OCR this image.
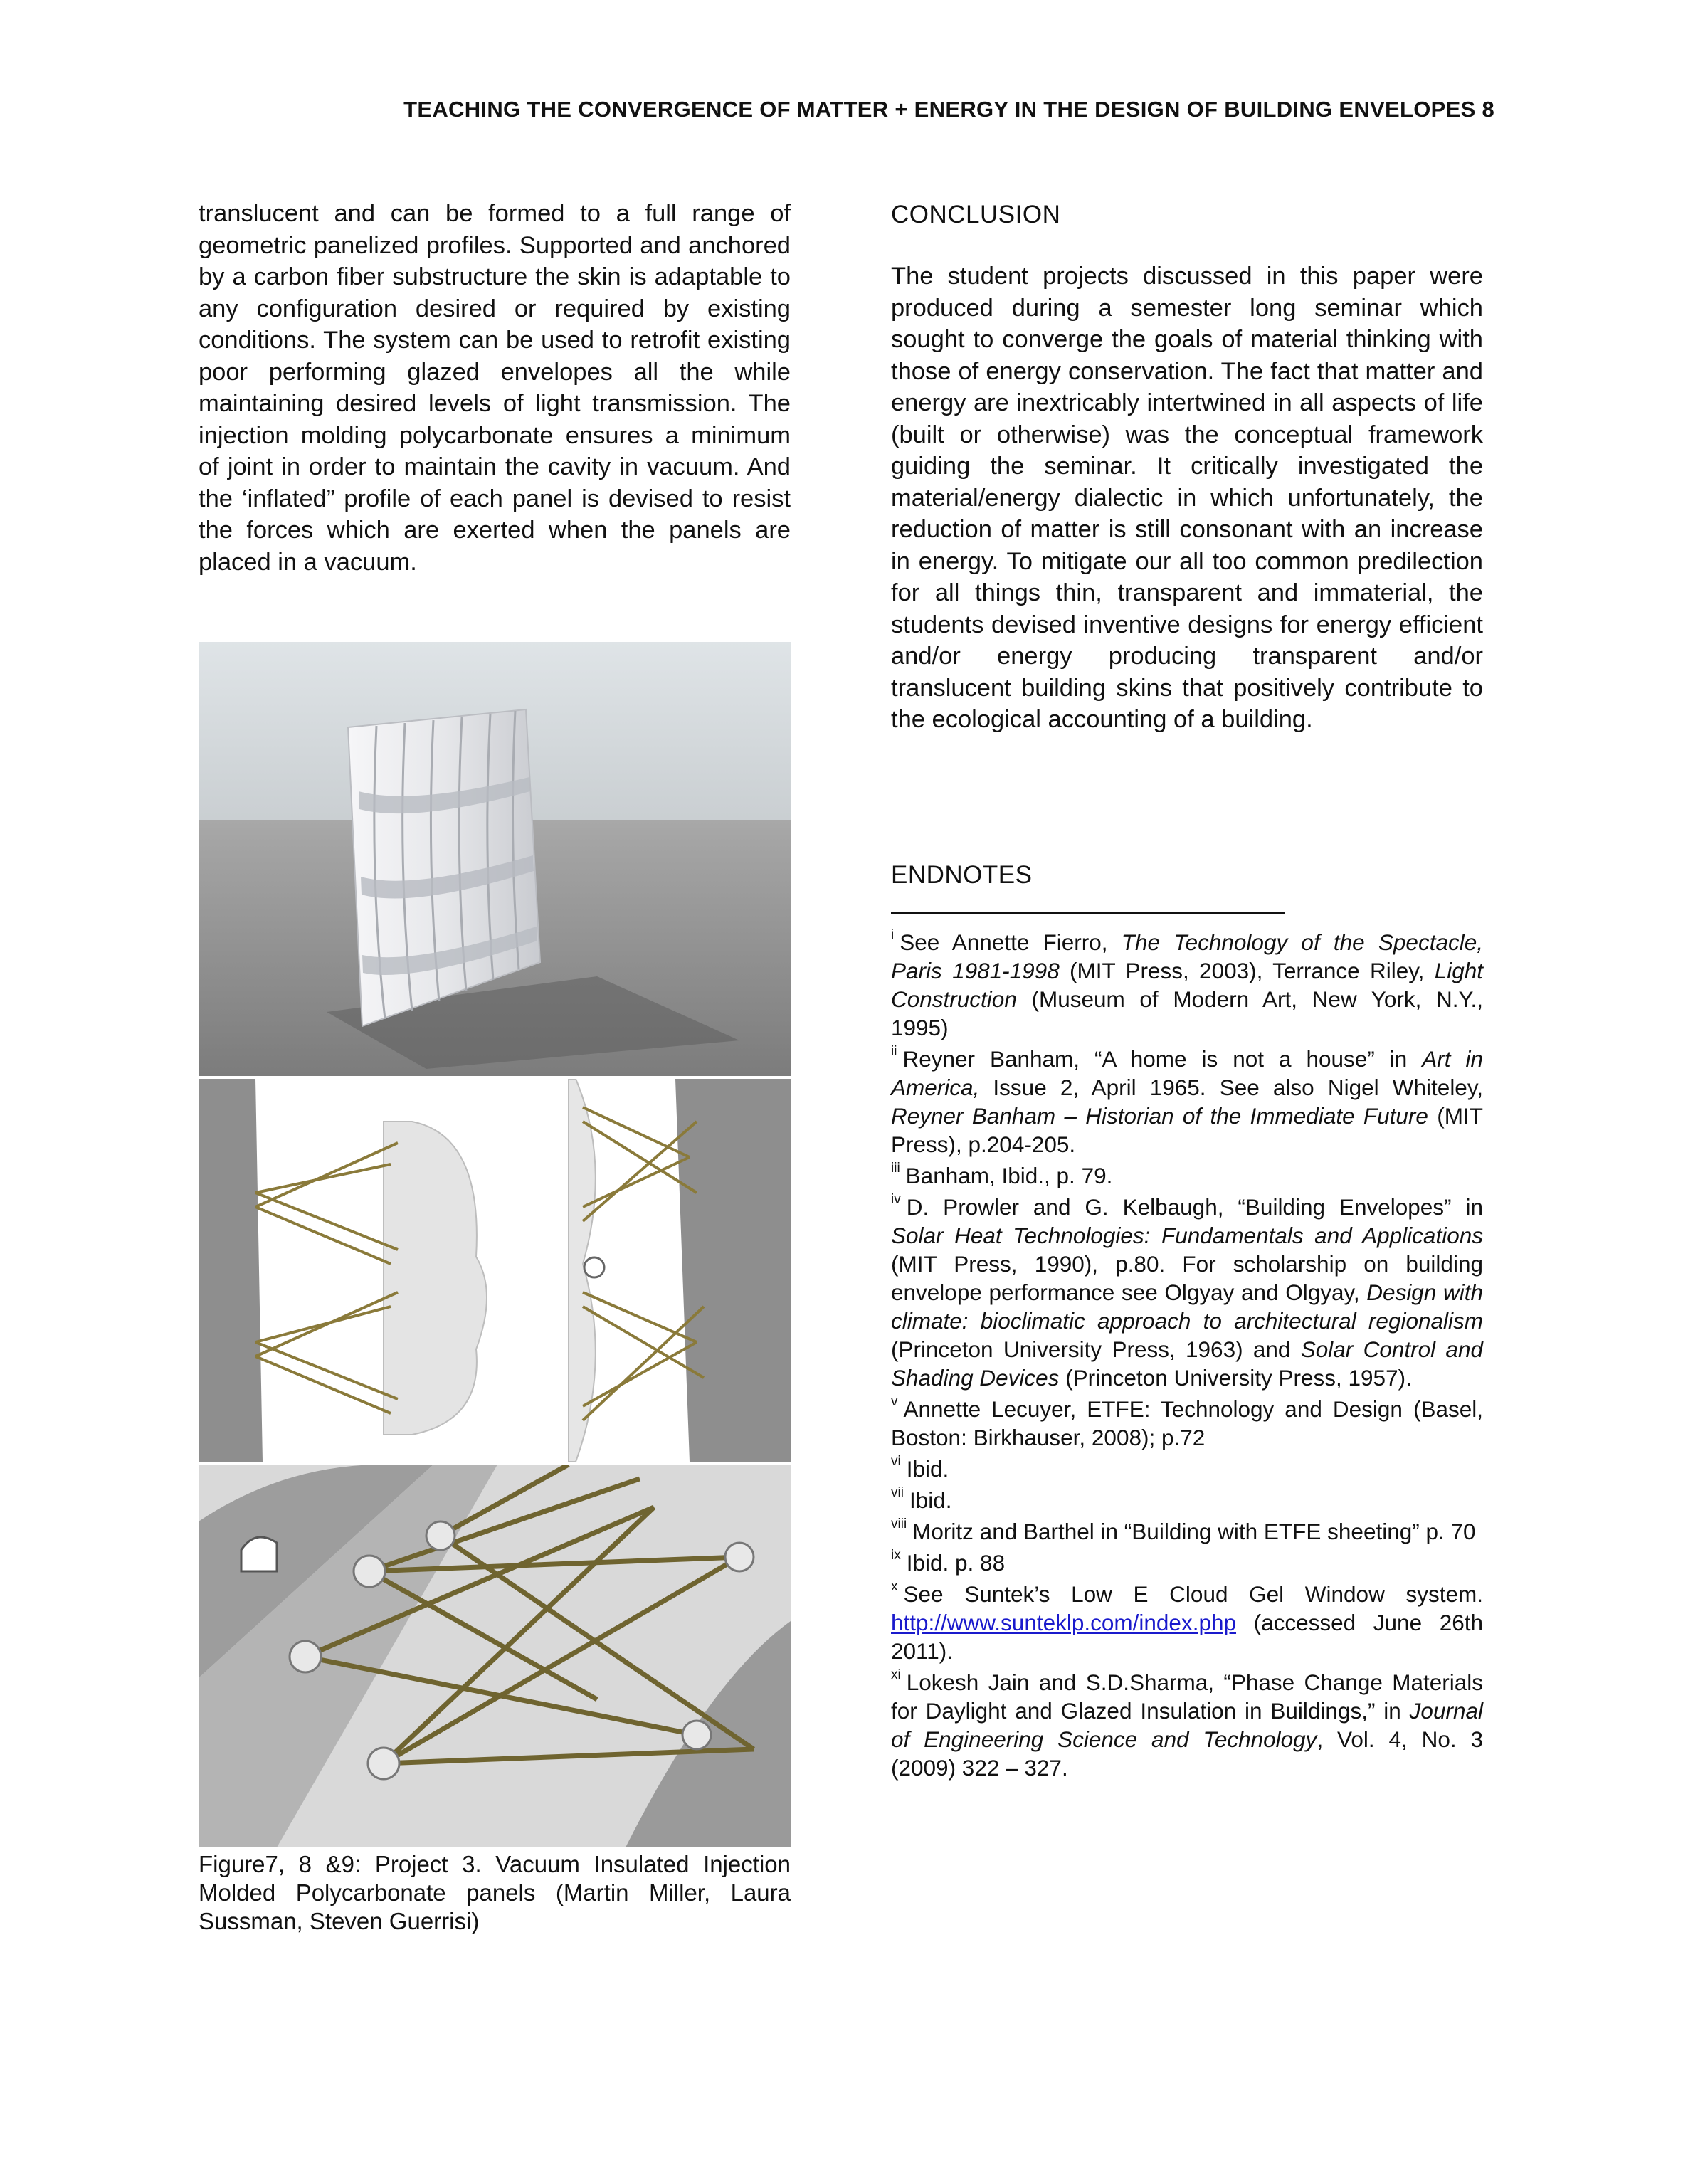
TEACHING THE CONVERGENCE OF MATTER + ENERGY IN THE DESIGN OF BUILDING ENVELOPES 8

translucent and can be formed to a full range of geometric panelized profiles. Supported and anchored by a carbon fiber substructure the skin is adaptable to any configuration desired or required by existing conditions. The system can be used to retrofit existing poor performing glazed envelopes all the while maintaining desired levels of light transmission. The injection molding polycarbonate ensures a minimum of joint in order to maintain the cavity in vacuum. And the ‘inflated” profile of each panel is devised to resist the forces which are exerted when the panels are placed in a vacuum.

Figure7, 8 &9: Project 3. Vacuum Insulated Injection Molded Polycarbonate panels (Martin Miller, Laura Sussman, Steven Guerrisi)

CONCLUSION

The student projects discussed in this paper were produced during a semester long seminar which sought to converge the goals of material thinking with those of energy conservation. The fact that matter and energy are inextricably intertwined in all aspects of life (built or otherwise) was the conceptual framework guiding the seminar. It critically investigated the material/energy dialectic in which unfortunately, the reduction of matter is still consonant with an increase in energy. To mitigate our all too common predilection for all things thin, transparent and immaterial, the students devised inventive designs for energy efficient and/or energy producing transparent and/or translucent building skins that positively contribute to the ecological accounting of a building.

ENDNOTES

$^i$ See Annette Fierro, The Technology of the Spectacle, Paris 1981-1998 (MIT Press, 2003), Terrance Riley, Light Construction (Museum of Modern Art, New York, N.Y., 1995)

$^{ii}$ Reyner Banham, “A home is not a house” in Art in America, Issue 2, April 1965. See also Nigel Whiteley, Reyner Banham – Historian of the Immediate Future (MIT Press), p.204-205.

$^{iii}$ Banham, Ibid., p. 79.

$^{iv}$ D. Prowler and G. Kelbaugh, “Building Envelopes” in Solar Heat Technologies: Fundamentals and Applications (MIT Press, 1990), p.80. For scholarship on building envelope performance see Olgyay and Olgyay, Design with climate: bioclimatic approach to architectural regionalism (Princeton University Press, 1963) and Solar Control and Shading Devices (Princeton University Press, 1957).

$^v$ Annette Lecuyer, ETFE: Technology and Design (Basel, Boston: Birkhauser, 2008); p.72

$^{vi}$ Ibid.

$^{vii}$ Ibid.

$^{viii}$ Moritz and Barthel in “Building with ETFE sheeting” p. 70

$^{ix}$ Ibid. p. 88

$^x$ See Suntek’s Low E Cloud Gel Window system. http://www.sunteklp.com/index.php (accessed June 26th 2011).

$^{xi}$ Lokesh Jain and S.D.Sharma, “Phase Change Materials for Daylight and Glazed Insulation in Buildings,” in Journal of Engineering Science and Technology, Vol. 4, No. 3 (2009) 322 – 327.
